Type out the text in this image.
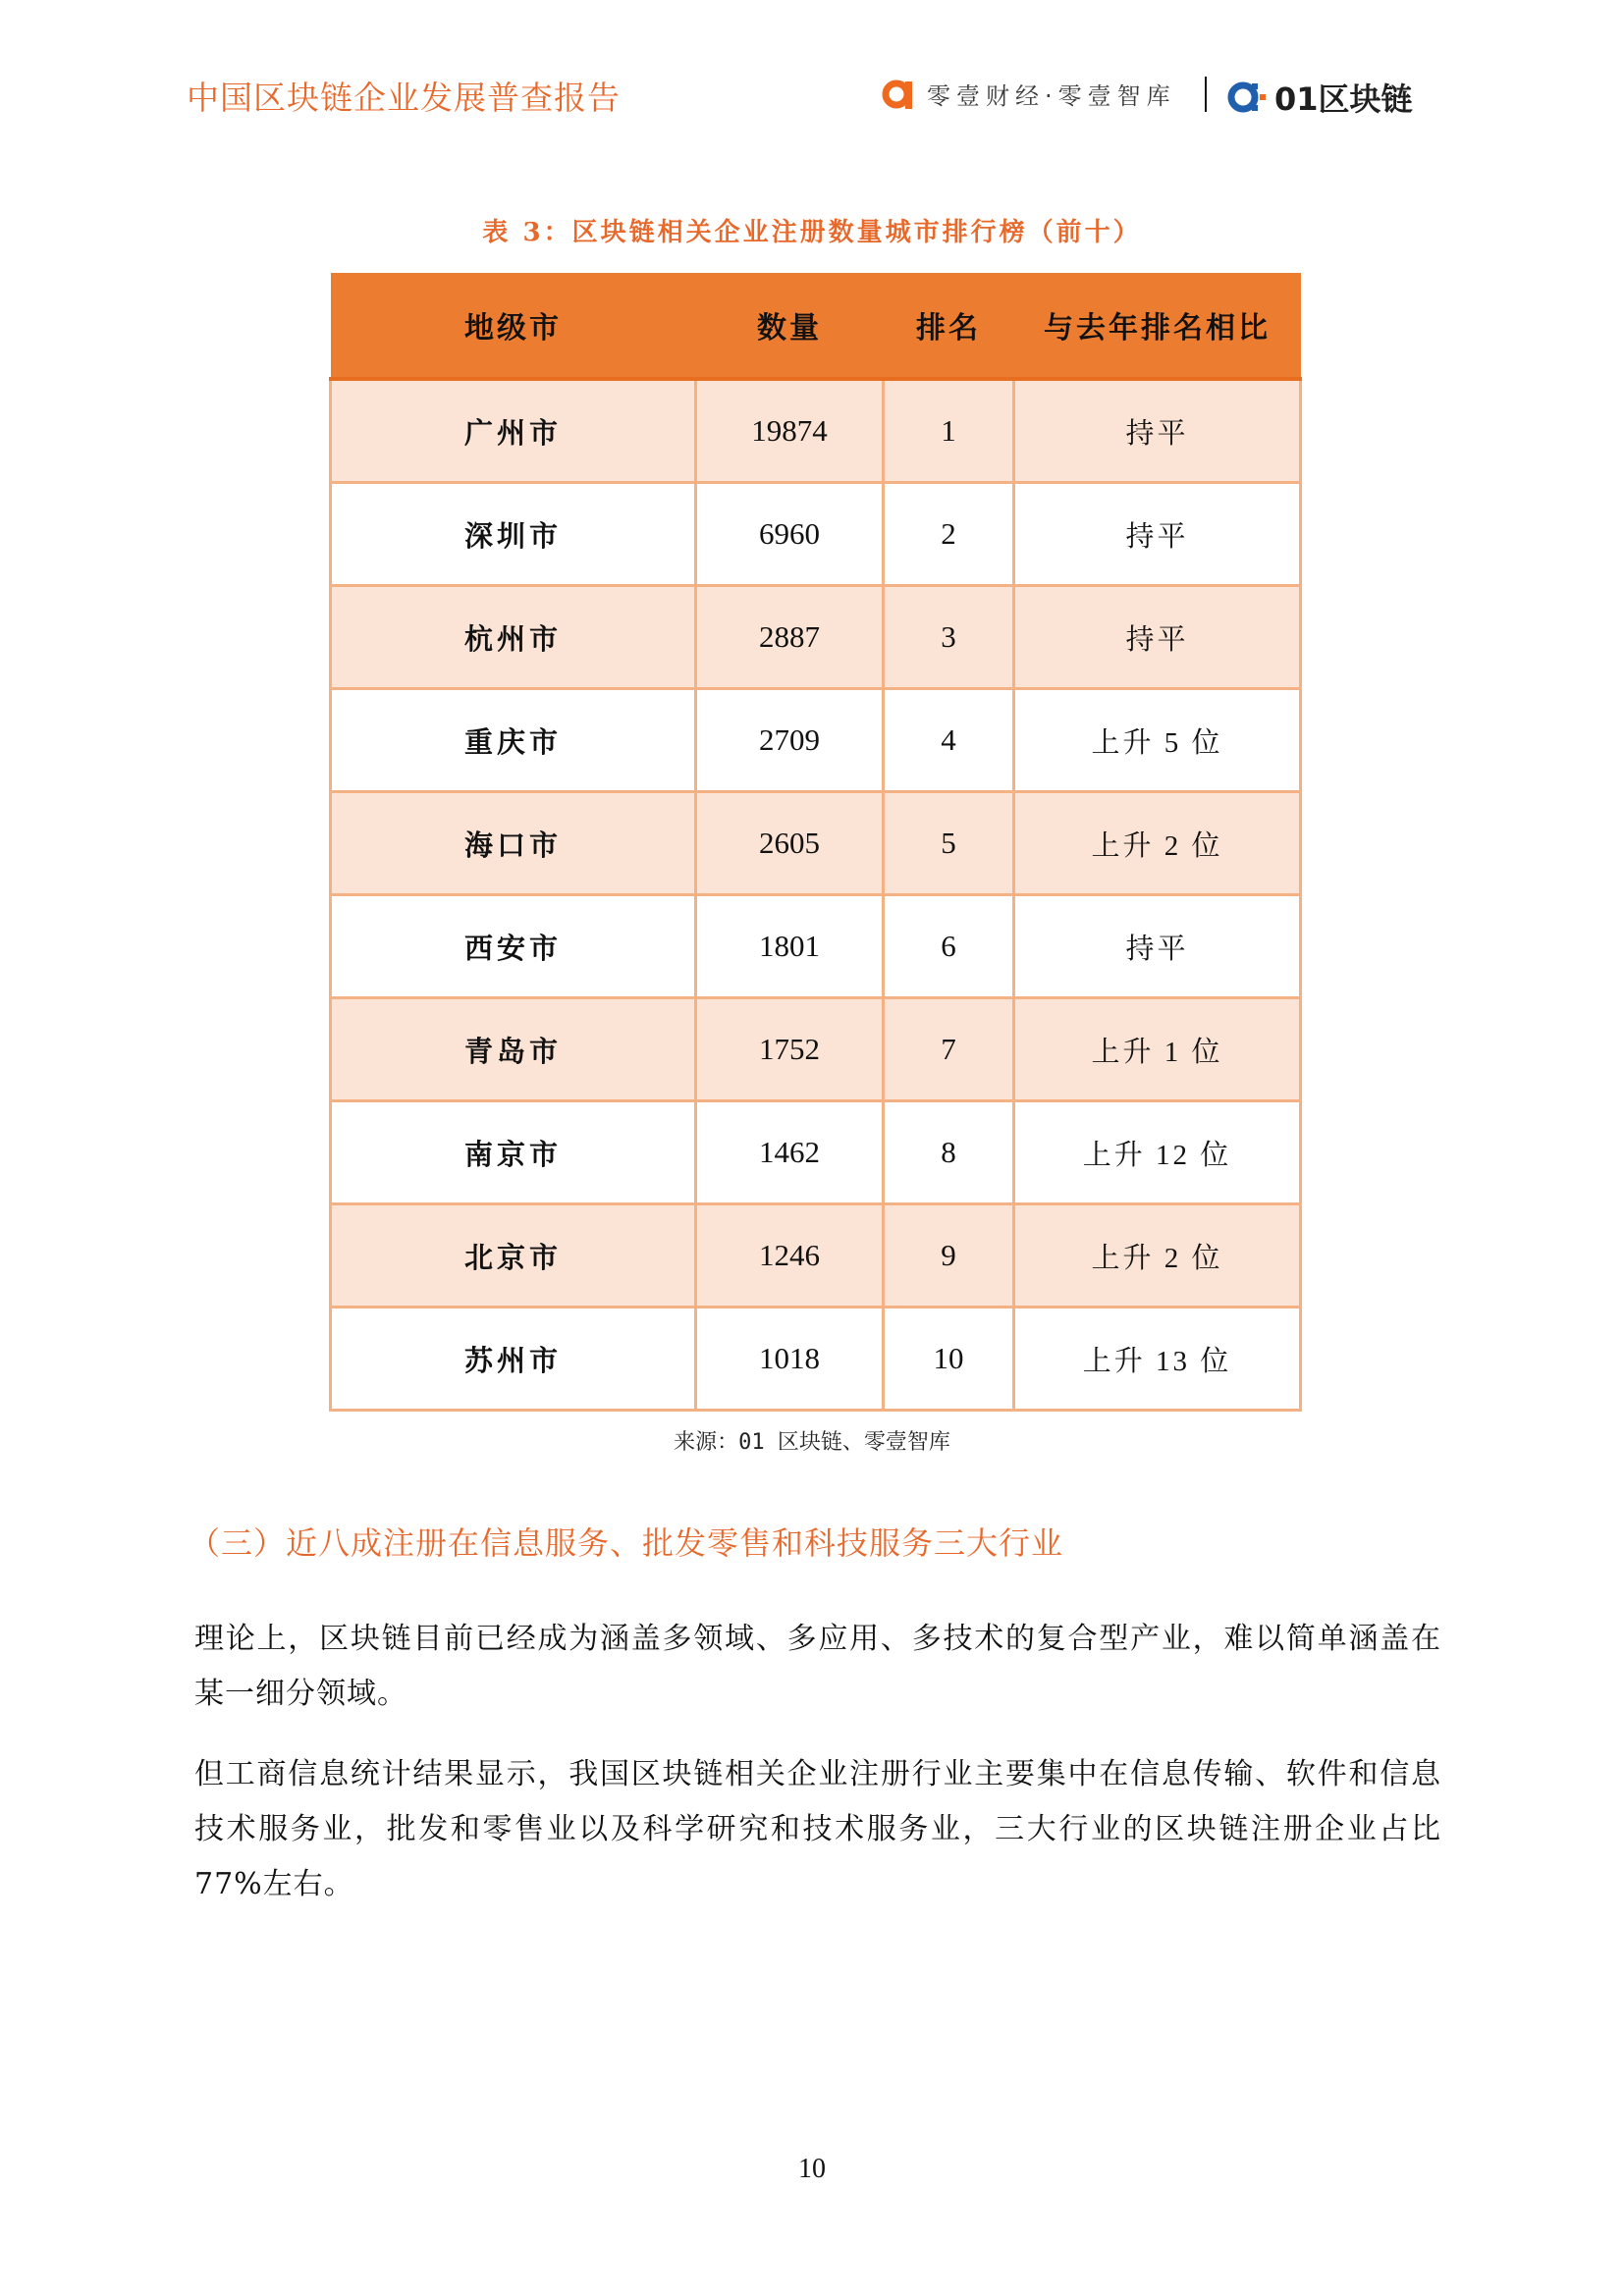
中国区块链企业发展普查报告	零壹财经·零壹智库	01区块链
表 3：区块链相关企业注册数量城市排行榜（前十）
地级市	数量	排名	与去年排名相比
广州市	19874	1	持平
深圳市	6960	2	持平
杭州市	2887	3	持平
重庆市	2709	4	上升 5 位
海口市	2605	5	上升 2 位
西安市	1801	6	持平
青岛市	1752	7	上升 1 位
南京市	1462	8	上升 12 位
北京市	1246	9	上升 2 位
苏州市	1018	10	上升 13 位
来源：01 区块链、零壹智库
（三）近八成注册在信息服务、批发零售和科技服务三大行业

理论上，区块链目前已经成为涵盖多领域、多应用、多技术的复合型产业，难以简单涵盖在某一细分领域。

但工商信息统计结果显示，我国区块链相关企业注册行业主要集中在信息传输、软件和信息技术服务业，批发和零售业以及科学研究和技术服务业，三大行业的区块链注册企业占比 77%左右。

10
